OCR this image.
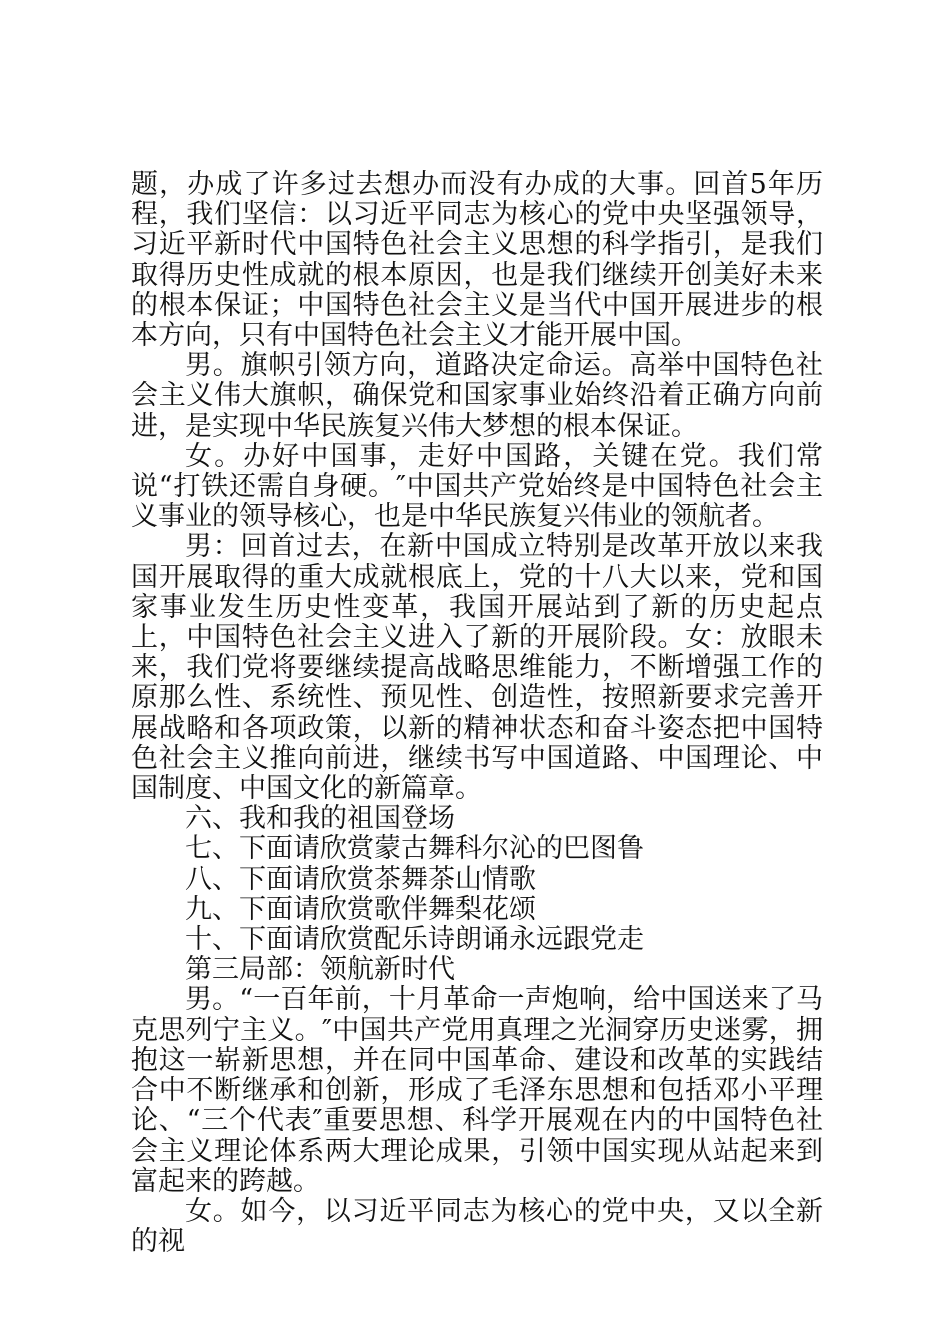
题，办成了许多过去想办而没有办成的大事。回首5年历程，我们坚信：以习近平同志为核心的党中央坚强领导，习近平新时代中国特色社会主义思想的科学指引，是我们取得历史性成就的根本原因，也是我们继续开创美好未来的根本保证；中国特色社会主义是当代中国开展进步的根本方向，只有中国特色社会主义才能开展中国。

男。旗帜引领方向，道路决定命运。高举中国特色社会主义伟大旗帜，确保党和国家事业始终沿着正确方向前进，是实现中华民族复兴伟大梦想的根本保证。

女。办好中国事，走好中国路，关键在党。我们常说“打铁还需自身硬。″中国共产党始终是中国特色社会主义事业的领导核心，也是中华民族复兴伟业的领航者。

男：回首过去，在新中国成立特别是改革开放以来我国开展取得的重大成就根底上，党的十八大以来，党和国家事业发生历史性变革，我国开展站到了新的历史起点上，中国特色社会主义进入了新的开展阶段。女：放眼未来，我们党将要继续提高战略思维能力，不断增强工作的原那么性、系统性、预见性、创造性，按照新要求完善开展战略和各项政策，以新的精神状态和奋斗姿态把中国特色社会主义推向前进，继续书写中国道路、中国理论、中国制度、中国文化的新篇章。

六、我和我的祖国登场

七、下面请欣赏蒙古舞科尔沁的巴图鲁

八、下面请欣赏茶舞茶山情歌

九、下面请欣赏歌伴舞梨花颂

十、下面请欣赏配乐诗朗诵永远跟党走

第三局部：领航新时代

男。“一百年前，十月革命一声炮响，给中国送来了马克思列宁主义。″中国共产党用真理之光洞穿历史迷雾，拥抱这一崭新思想，并在同中国革命、建设和改革的实践结合中不断继承和创新，形成了毛泽东思想和包括邓小平理论、“三个代表″重要思想、科学开展观在内的中国特色社会主义理论体系两大理论成果，引领中国实现从站起来到富起来的跨越。

女。如今，以习近平同志为核心的党中央，又以全新的视
